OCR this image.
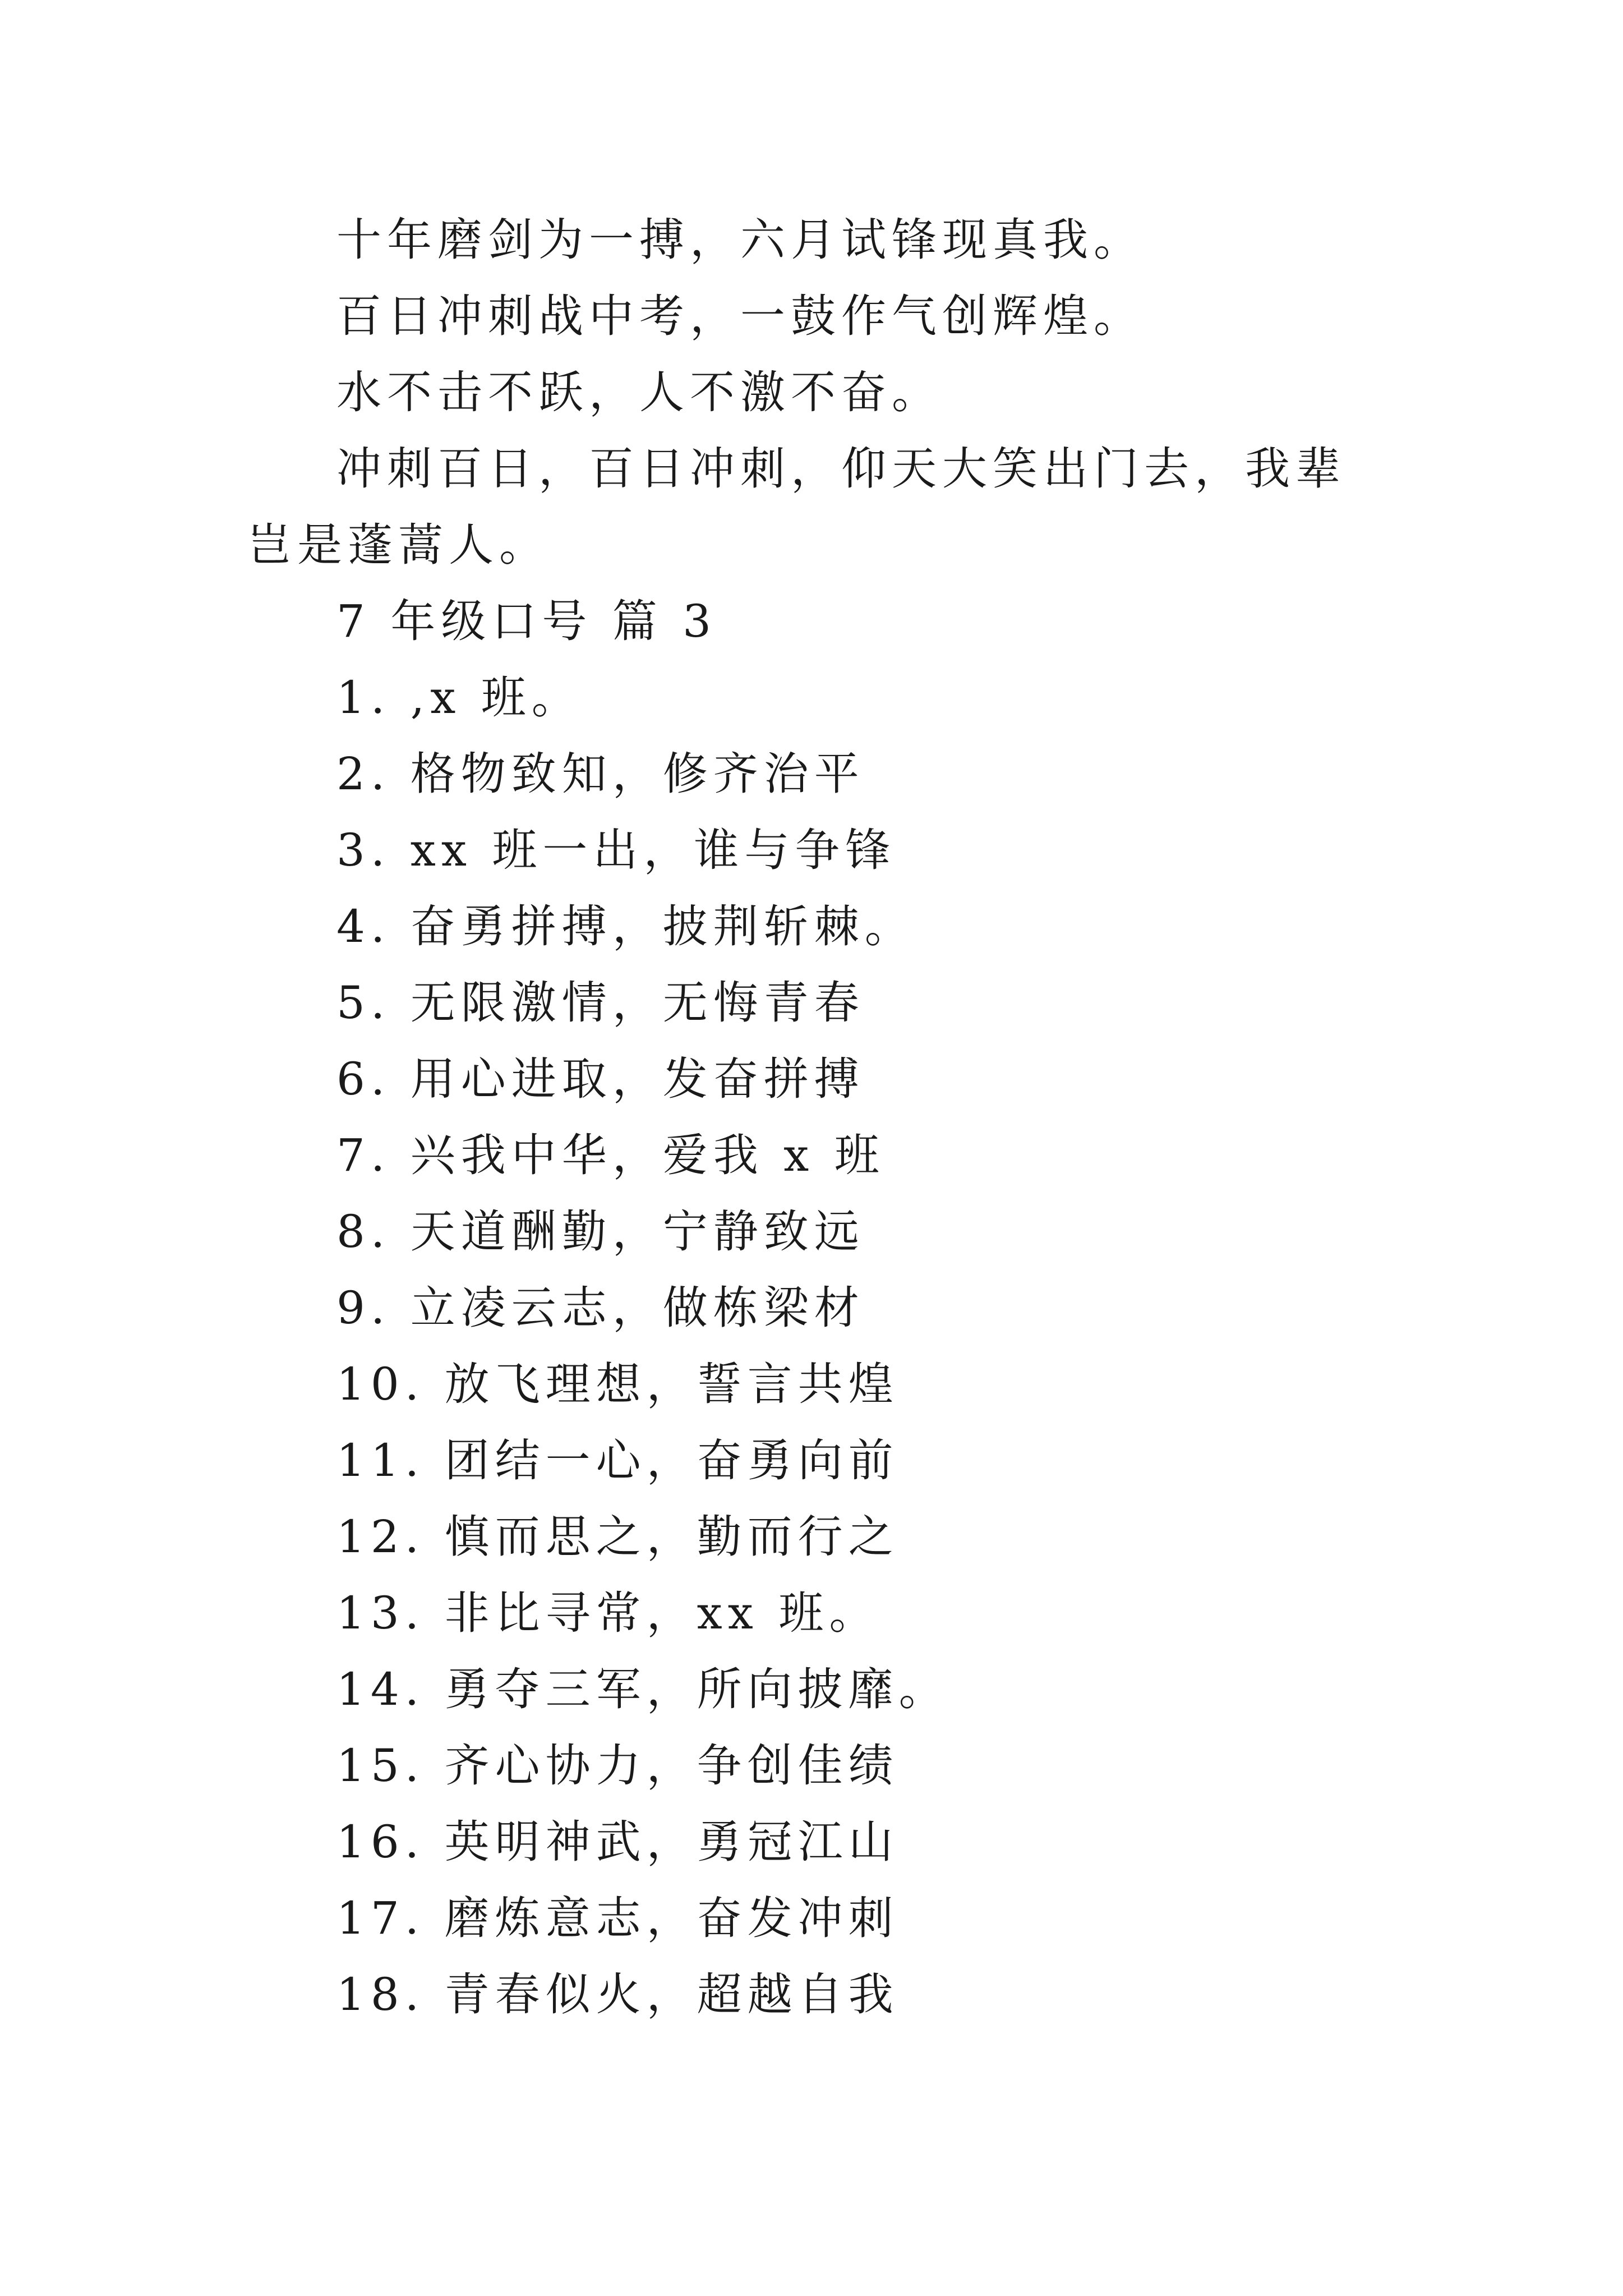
十年磨剑为一搏，六月试锋现真我。

百日冲刺战中考，一鼓作气创辉煌。

水不击不跃，人不激不奋。

冲刺百日，百日冲刺，仰天大笑出门去，我辈岂是蓬蒿人。

7 年级口号 篇 3

1. ,x 班。

2. 格物致知，修齐治平

3. xx 班一出，谁与争锋

4. 奋勇拼搏，披荆斩棘。

5. 无限激情，无悔青春

6. 用心进取，发奋拼搏

7. 兴我中华，爱我 x 班

8. 天道酬勤，宁静致远

9. 立凌云志，做栋梁材

10. 放飞理想，誓言共煌

11. 团结一心，奋勇向前

12. 慎而思之，勤而行之

13. 非比寻常，xx 班。

14. 勇夺三军，所向披靡。

15. 齐心协力，争创佳绩

16. 英明神武，勇冠江山

17. 磨炼意志，奋发冲刺

18. 青春似火，超越自我
